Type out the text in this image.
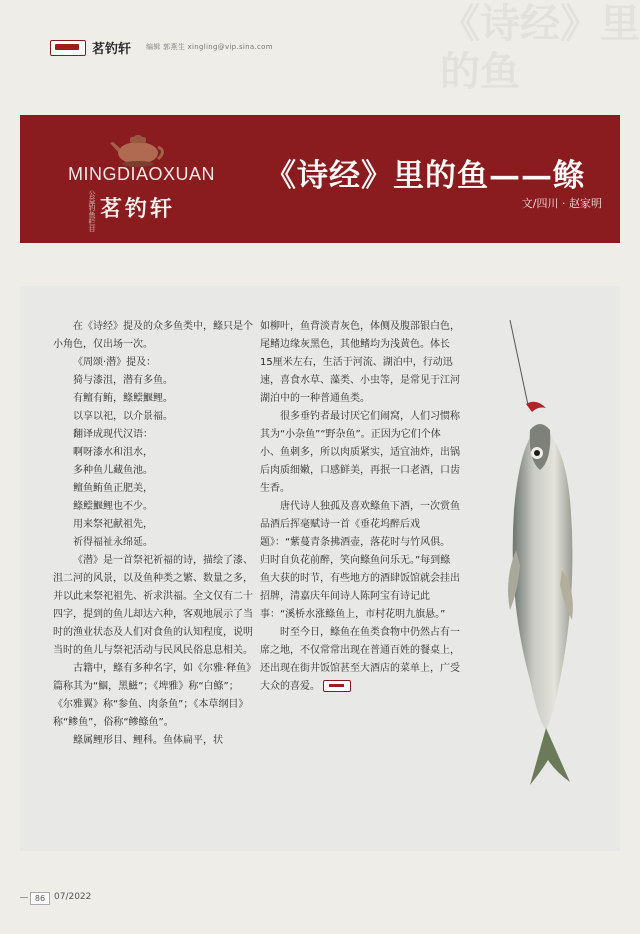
《诗经》里的鱼
茗钓轩 编辑 郭燕生 xingling@vip.sina.com
MINGDIAOXUAN
公益钓鱼栏目 茗钓轩
《诗经》里的鱼——鲦
文/四川 · 赵家明

在《诗经》提及的众多鱼类中，鲦只是个小角色，仅出场一次。

《周颂·潜》提及：

猗与漆沮，潜有多鱼。

有鳣有鲔，鲦鲿鰋鲤。

以享以祀，以介景福。

翻译成现代汉语：

啊呀漆水和沮水，

多种鱼儿藏鱼池。

鳣鱼鲔鱼正肥美，

鲦鲿鰋鲤也不少。

用来祭祀献祖先，

祈得福祉永绵延。

《潜》是一首祭祀祈福的诗，描绘了漆、沮二河的风景，以及鱼种类之繁、数量之多，并以此来祭祀祖先、祈求洪福。全文仅有二十四字，提到的鱼儿却达六种，客观地展示了当时的渔业状态及人们对食鱼的认知程度，说明当时的鱼儿与祭祀活动与民风民俗息息相关。

古籍中，鲦有多种名字，如《尔雅·释鱼》篇称其为“鮂，黑鰦”；《埤雅》称“白鲦”；《尔雅翼》称“参鱼、肉条鱼”；《本草纲目》称“鲹鱼”，俗称“鲹鲦鱼”。

鲦属鲤形目、鲤科。鱼体扁平，状

如柳叶，鱼背淡青灰色，体侧及腹部银白色，尾鳍边缘灰黑色，其他鳍均为浅黄色。体长15厘米左右，生活于河流、湖泊中，行动迅速，喜食水草、藻类、小虫等，是常见于江河湖泊中的一种普通鱼类。

很多垂钓者最讨厌它们闹窝，人们习惯称其为“小杂鱼”“野杂鱼”。正因为它们个体小、鱼刺多，所以肉质紧实，适宜油炸，出锅后肉质细嫩，口感鲜美，再抿一口老酒，口齿生香。

唐代诗人独孤及喜欢鲦鱼下酒，一次赏鱼品酒后挥毫赋诗一首《垂花坞醉后戏题》：“紫蔓青条拂酒壶，落花时与竹风俱。归时自负花前醉，笑向鲦鱼问乐无。”每到鲦鱼大获的时节，有些地方的酒肆饭馆就会挂出招牌，清嘉庆年间诗人陈阿宝有诗记此事：“溪桥水涨鲦鱼上，市村花明九旗悬。”

时至今日，鲦鱼在鱼类食物中仍然占有一席之地，不仅常常出现在普通百姓的餐桌上，还出现在街井饭馆甚至大酒店的菜单上，广受大众的喜爱。

86 07/2022
